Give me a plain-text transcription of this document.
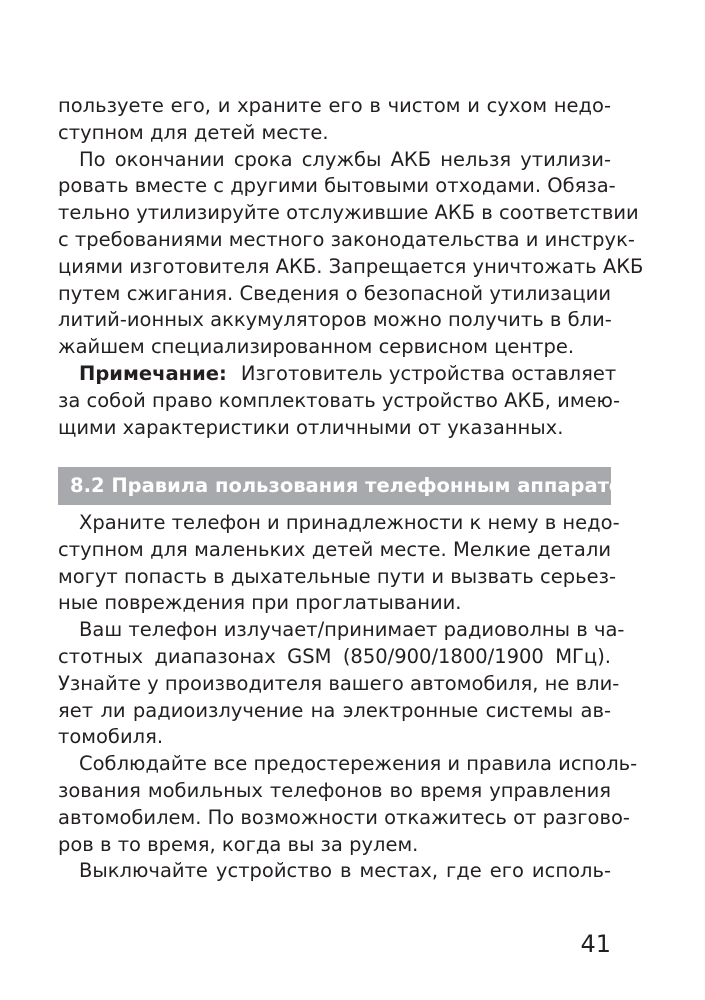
пользуете его, и храните его в чистом и сухом недо-
ступном для детей месте.
По окончании срока службы АКБ нельзя утилизи-
ровать вместе с другими бытовыми отходами. Обяза-
тельно утилизируйте отслужившие АКБ в соответствии
с требованиями местного законодательства и инструк-
циями изготовителя АКБ. Запрещается уничтожать АКБ
путем сжигания. Сведения о безопасной утилизации
литий-ионных аккумуляторов можно получить в бли-
жайшем специализированном сервисном центре.
Примечание: Изготовитель устройства оставляет
за собой право комплектовать устройство АКБ, имею-
щими характеристики отличными от указанных.
8.2 Правила пользования телефонным аппаратом
Храните телефон и принадлежности к нему в недо-
ступном для маленьких детей месте. Мелкие детали
могут попасть в дыхательные пути и вызвать серьез-
ные повреждения при проглатывании.
Ваш телефон излучает/принимает радиоволны в ча-
стотных диапазонах GSM (850/900/1800/1900 МГц).
Узнайте у производителя вашего автомобиля, не вли-
яет ли радиоизлучение на электронные системы ав-
томобиля.
Соблюдайте все предостережения и правила исполь-
зования мобильных телефонов во время управления
автомобилем. По возможности откажитесь от разгово-
ров в то время, когда вы за рулем.
Выключайте устройство в местах, где его исполь-
41
